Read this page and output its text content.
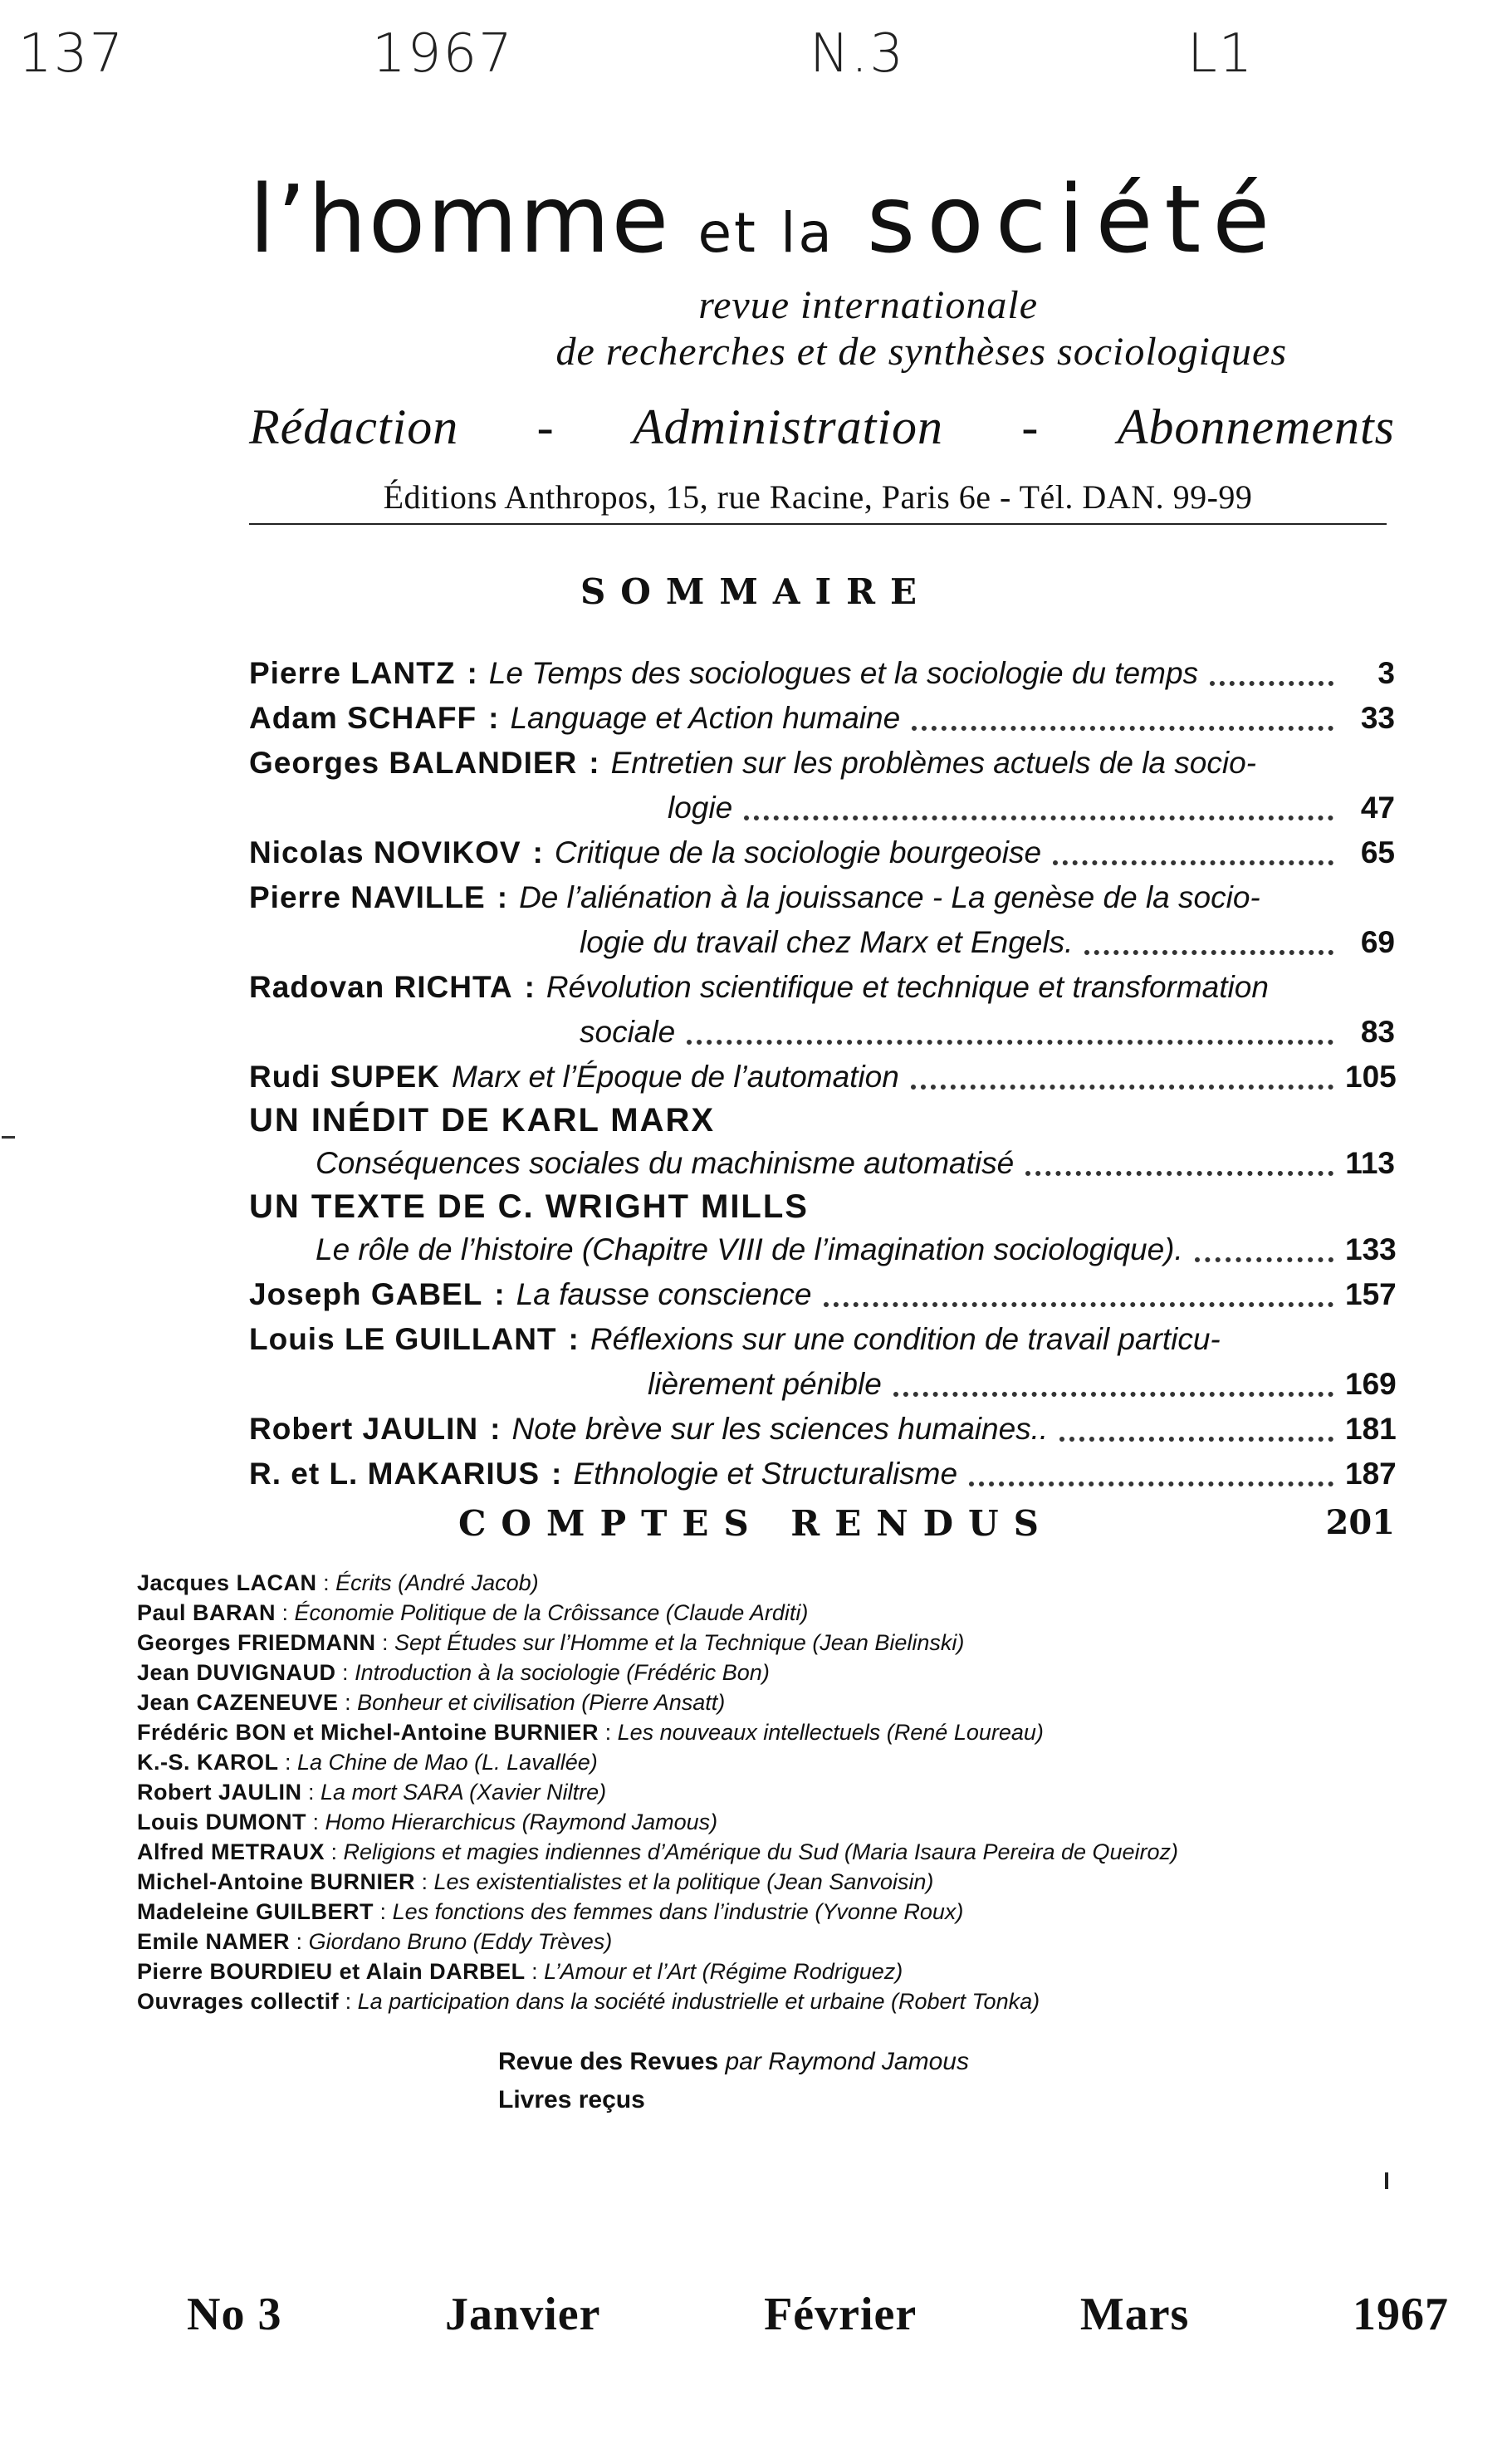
137	1967	N.3	L1
l’homme et la société
revue internationale
de recherches et de synthèses sociologiques
Rédaction - Administration - Abonnements
Éditions Anthropos, 15, rue Racine, Paris 6e - Tél. DAN. 99-99
SOMMAIRE
Pierre LANTZ : Le Temps des sociologues et la sociologie du temps	3
Adam SCHAFF : Language et Action humaine	33
Georges BALANDIER : Entretien sur les problèmes actuels de la socio-
logie	47
Nicolas NOVIKOV : Critique de la sociologie bourgeoise	65
Pierre NAVILLE : De l’aliénation à la jouissance - La genèse de la socio-
logie du travail chez Marx et Engels.	69
Radovan RICHTA : Révolution scientifique et technique et transformation
sociale	83
Rudi SUPEK Marx et l’Époque de l’automation	105
UN INÉDIT DE KARL MARX
Conséquences sociales du machinisme automatisé	113
UN TEXTE DE C. WRIGHT MILLS
Le rôle de l’histoire (Chapitre VIII de l’imagination sociologique).	133
Joseph GABEL : La fausse conscience	157
Louis LE GUILLANT : Réflexions sur une condition de travail particu-
lièrement pénible	169
Robert JAULIN : Note brève sur les sciences humaines..	181
R. et L. MAKARIUS : Ethnologie et Structuralisme	187
COMPTES RENDUS	201
Jacques LACAN : Écrits (André Jacob)
Paul BARAN : Économie Politique de la Crôissance (Claude Arditi)
Georges FRIEDMANN : Sept Études sur l’Homme et la Technique (Jean Bielinski)
Jean DUVIGNAUD : Introduction à la sociologie (Frédéric Bon)
Jean CAZENEUVE : Bonheur et civilisation (Pierre Ansatt)
Frédéric BON et Michel-Antoine BURNIER : Les nouveaux intellectuels (René Loureau)
K.-S. KAROL : La Chine de Mao (L. Lavallée)
Robert JAULIN : La mort SARA (Xavier Niltre)
Louis DUMONT : Homo Hierarchicus (Raymond Jamous)
Alfred METRAUX : Religions et magies indiennes d’Amérique du Sud (Maria Isaura Pereira de Queiroz)
Michel-Antoine BURNIER : Les existentialistes et la politique (Jean Sanvoisin)
Madeleine GUILBERT : Les fonctions des femmes dans l’industrie (Yvonne Roux)
Emile NAMER : Giordano Bruno (Eddy Trèves)
Pierre BOURDIEU et Alain DARBEL : L’Amour et l’Art (Régime Rodriguez)
Ouvrages collectif : La participation dans la société industrielle et urbaine (Robert Tonka)
Revue des Revues par Raymond Jamous
Livres reçus
No 3	Janvier	Février	Mars	1967
